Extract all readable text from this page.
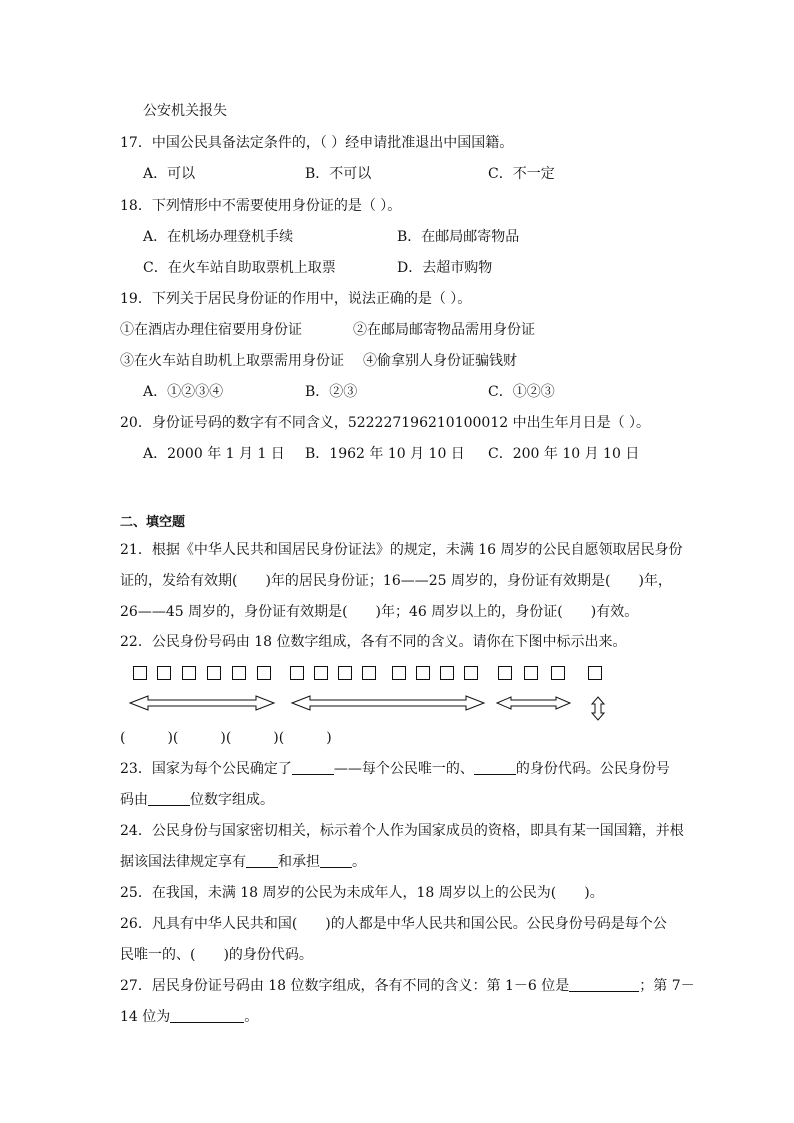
公安机关报失
17．中国公民具备法定条件的，（ ）经申请批准退出中国国籍。
A．可以	B．不可以	C．不一定
18．下列情形中不需要使用身份证的是（ ）。
A．在机场办理登机手续	B．在邮局邮寄物品
C．在火车站自助取票机上取票	D．去超市购物
19．下列关于居民身份证的作用中，说法正确的是（ ）。
①在酒店办理住宿要用身份证	②在邮局邮寄物品需用身份证
③在火车站自助机上取票需用身份证 ④偷拿别人身份证骗钱财
A．①②③④	B．②③	C．①②③
20．身份证号码的数字有不同含义，522227196210100012 中出生年月日是（ ）。
A．2000 年 1 月 1 日 B．1962 年 10 月 10 日 C．200 年 10 月 10 日
二、填空题
21．根据《中华人民共和国居民身份证法》的规定，未满 16 周岁的公民自愿领取居民身份
证的，发给有效期(　　)年的居民身份证；16——25 周岁的，身份证有效期是(　　)年，
26——45 周岁的，身份证有效期是(　　)年；46 周岁以上的，身份证(　　)有效。
22．公民身份号码由 18 位数字组成，各有不同的含义。请你在下图中标示出来。
(　　　)(　　　)(　　　)(　　　)
23．国家为每个公民确定了	——每个公民唯一的、	的身份代码。公民身份号
码由	位数字组成。
24．公民身份与国家密切相关，标示着个人作为国家成员的资格，即具有某一国国籍，并根
据该国法律规定享有 和承担 。
25．在我国，未满 18 周岁的公民为未成年人，18 周岁以上的公民为(　　)。
26．凡具有中华人民共和国(　　)的人都是中华人民共和国公民。公民身份号码是每个公
民唯一的、(　　)的身份代码。
27．居民身份证号码由 18 位数字组成，各有不同的含义：第 1－6 位是	；第 7－
14 位为	。
